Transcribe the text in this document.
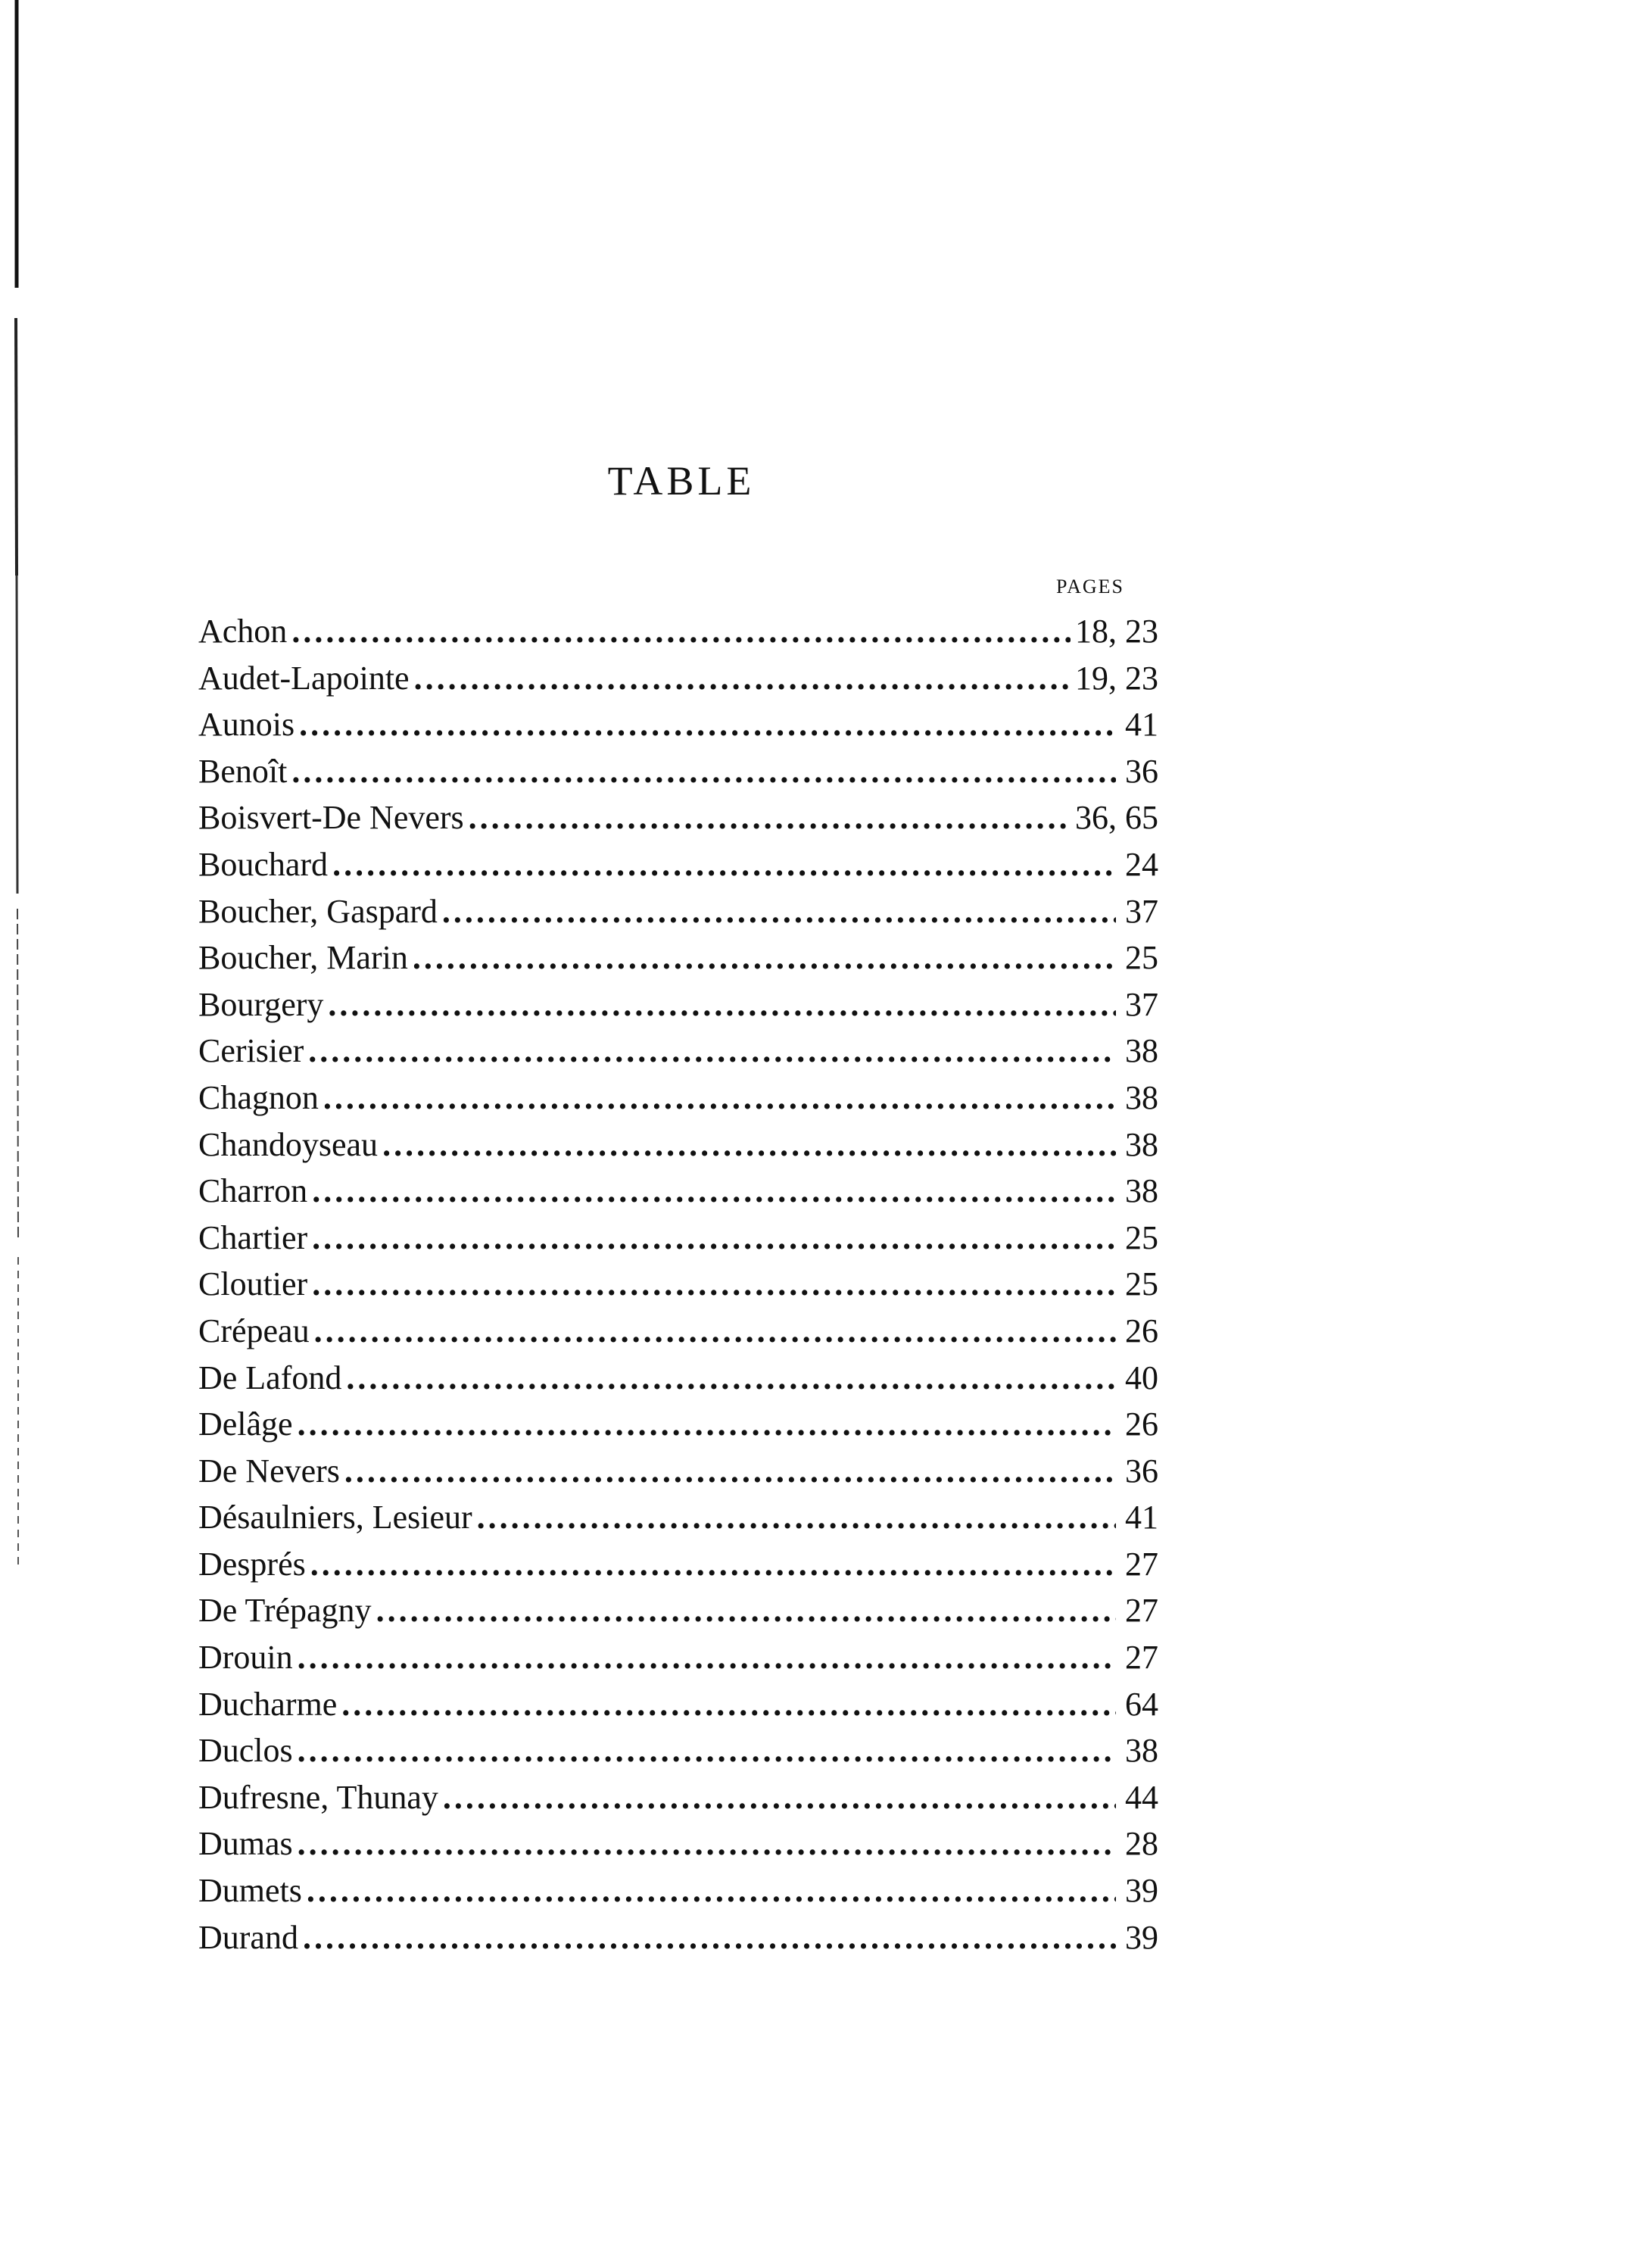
TABLE
PAGES
Achon .....	18, 23
Audet-Lapointe .....	19, 23
Aunois .....	41
Benoît .....	36
Boisvert-De Nevers .....	36, 65
Bouchard .....	24
Boucher, Gaspard .....	37
Boucher, Marin .....	25
Bourgery .....	37
Cerisier .....	38
Chagnon .....	38
Chandoyseau .....	38
Charron .....	38
Chartier .....	25
Cloutier .....	25
Crépeau .....	26
De Lafond .....	40
Delâge .....	26
De Nevers .....	36
Désaulniers, Lesieur .....	41
Després .....	27
De Trépagny .....	27
Drouin .....	27
Ducharme .....	64
Duclos .....	38
Dufresne, Thunay .....	44
Dumas .....	28
Dumets .....	39
Durand .....	39
